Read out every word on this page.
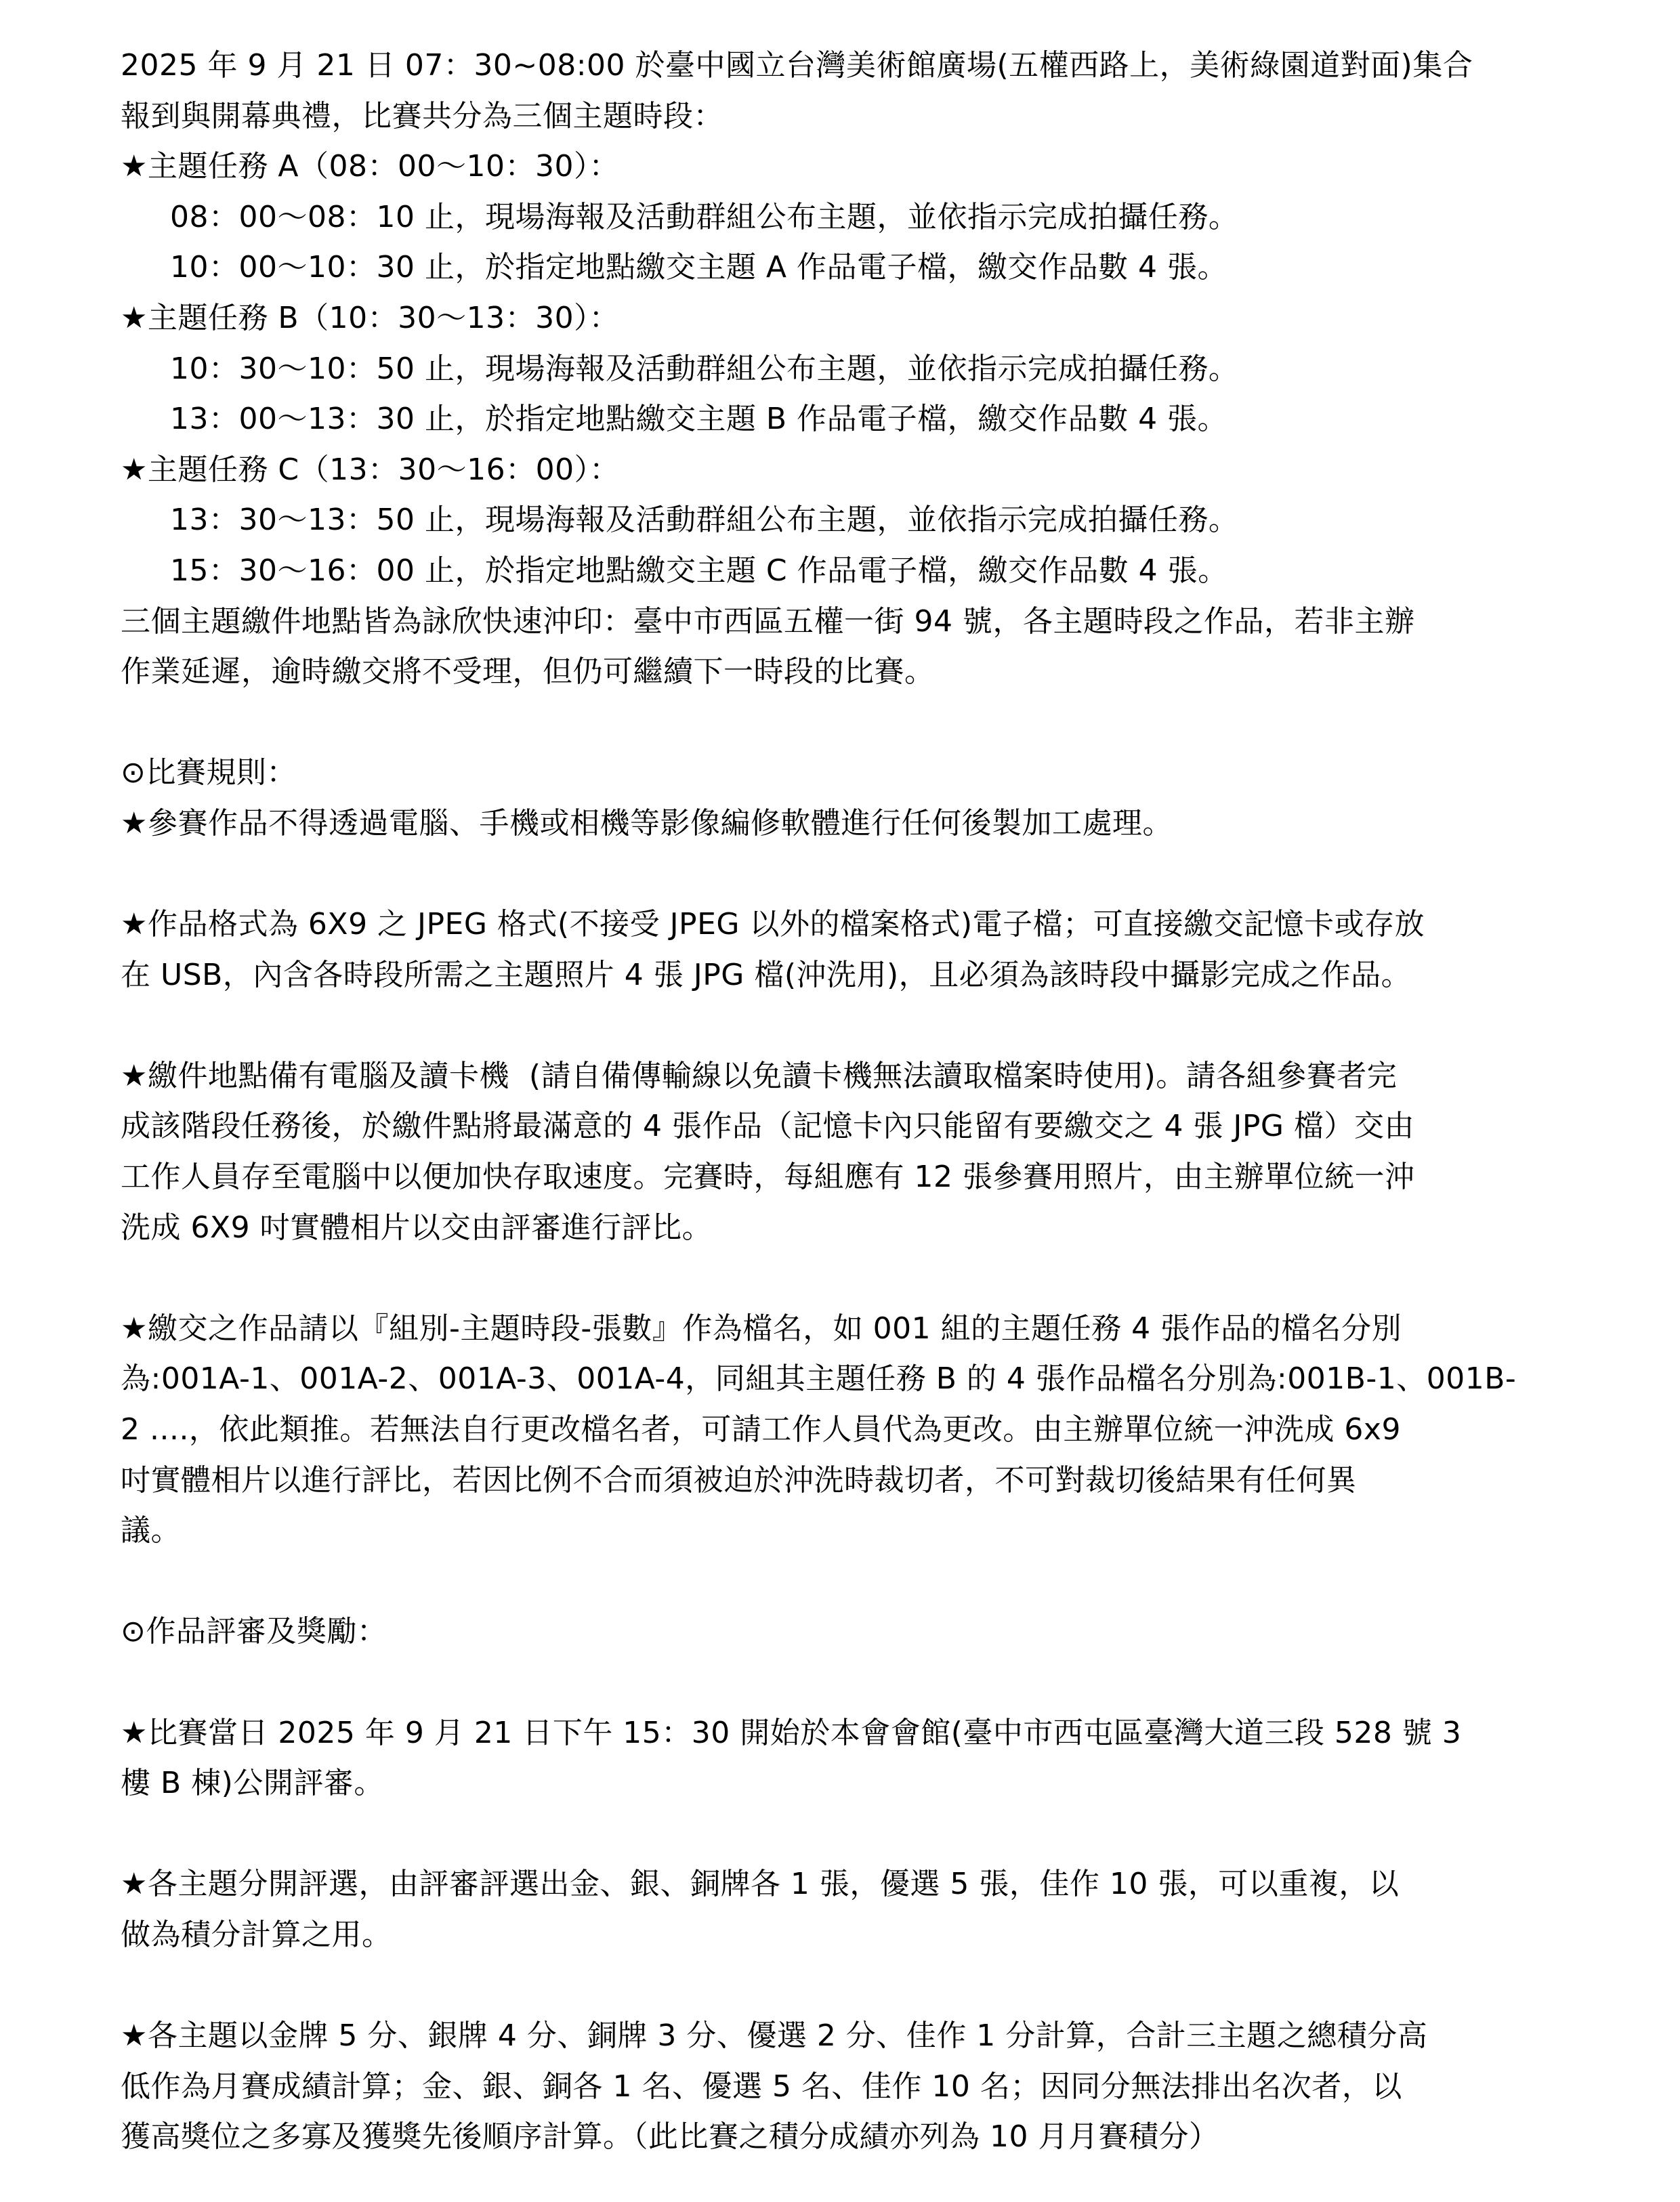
2025 年 9 月 21 日 07：30~08:00 於臺中國立台灣美術館廣場(五權西路上，美術綠園道對面)集合
報到與開幕典禮，比賽共分為三個主題時段：
★主題任務 A（08：00～10：30）：
08：00～08：10 止，現場海報及活動群組公布主題，並依指示完成拍攝任務。
10：00～10：30 止，於指定地點繳交主題 A 作品電子檔，繳交作品數 4 張。
★主題任務 B（10：30～13：30）：
10：30～10：50 止，現場海報及活動群組公布主題，並依指示完成拍攝任務。
13：00～13：30 止，於指定地點繳交主題 B 作品電子檔，繳交作品數 4 張。
★主題任務 C（13：30～16：00）：
13：30～13：50 止，現場海報及活動群組公布主題，並依指示完成拍攝任務。
15：30～16：00 止，於指定地點繳交主題 C 作品電子檔，繳交作品數 4 張。
三個主題繳件地點皆為詠欣快速沖印：臺中市西區五權一街 94 號，各主題時段之作品，若非主辦
作業延遲，逾時繳交將不受理，但仍可繼續下一時段的比賽。
⊙比賽規則：
★參賽作品不得透過電腦、手機或相機等影像編修軟體進行任何後製加工處理。
★作品格式為 6X9 之 JPEG 格式(不接受 JPEG 以外的檔案格式)電子檔；可直接繳交記憶卡或存放
在 USB，內含各時段所需之主題照片 4 張 JPG 檔(沖洗用)，且必須為該時段中攝影完成之作品。
★繳件地點備有電腦及讀卡機  (請自備傳輸線以免讀卡機無法讀取檔案時使用)。請各組參賽者完
成該階段任務後，於繳件點將最滿意的 4 張作品（記憶卡內只能留有要繳交之 4 張 JPG 檔）交由
工作人員存至電腦中以便加快存取速度。完賽時，每組應有 12 張參賽用照片，由主辦單位統一沖
洗成 6X9 吋實體相片以交由評審進行評比。
★繳交之作品請以『組別-主題時段-張數』作為檔名，如 001 組的主題任務 4 張作品的檔名分別
為:001A-1、001A-2、001A-3、001A-4，同組其主題任務 B 的 4 張作品檔名分別為:001B-1、001B-
2 ....，依此類推。若無法自行更改檔名者，可請工作人員代為更改。由主辦單位統一沖洗成 6x9
吋實體相片以進行評比，若因比例不合而須被迫於沖洗時裁切者，不可對裁切後結果有任何異
議。
⊙作品評審及獎勵：
★比賽當日 2025 年 9 月 21 日下午 15：30 開始於本會會館(臺中市西屯區臺灣大道三段 528 號 3
樓 B 棟)公開評審。
★各主題分開評選，由評審評選出金、銀、銅牌各 1 張，優選 5 張，佳作 10 張，可以重複，以
做為積分計算之用。
★各主題以金牌 5 分、銀牌 4 分、銅牌 3 分、優選 2 分、佳作 1 分計算，合計三主題之總積分高
低作為月賽成績計算；金、銀、銅各 1 名、優選 5 名、佳作 10 名；因同分無法排出名次者，以
獲高獎位之多寡及獲獎先後順序計算。（此比賽之積分成績亦列為 10 月月賽積分）
